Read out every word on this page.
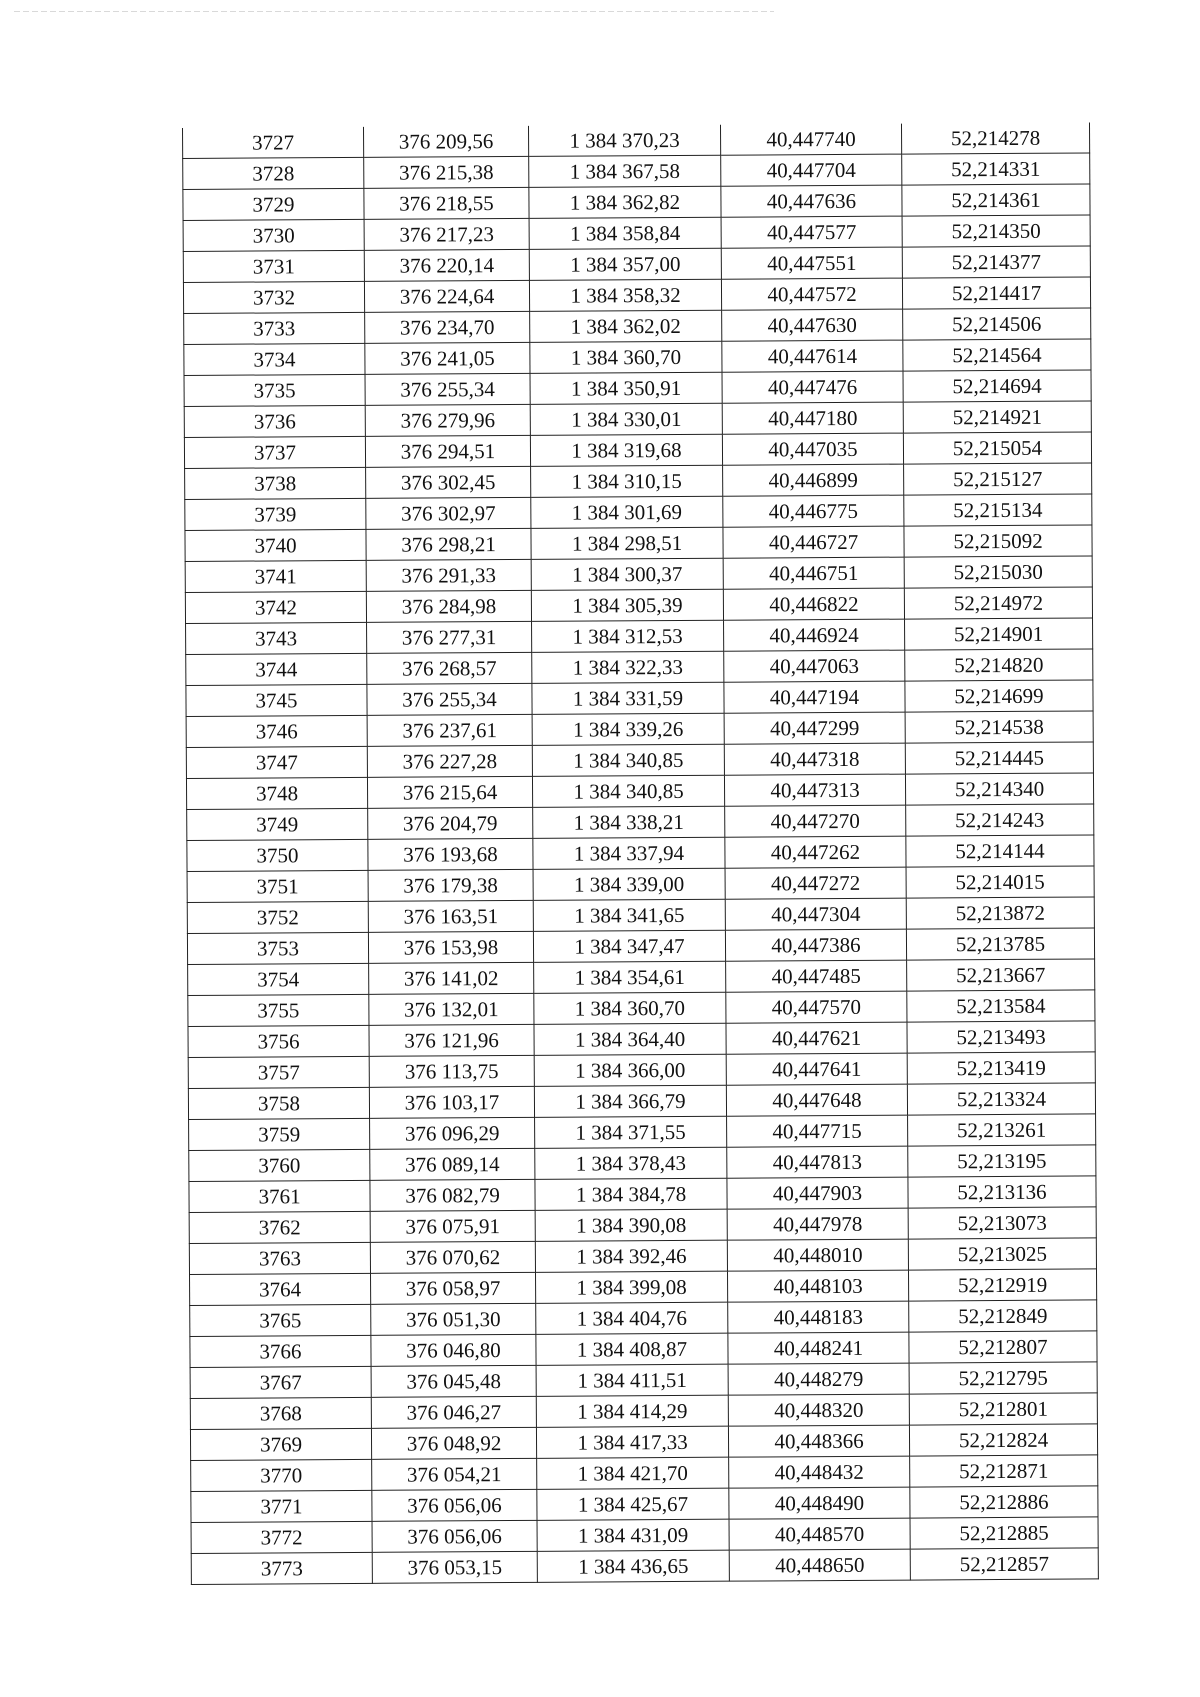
3727	376 209,56	1 384 370,23	40,447740	52,214278
3728	376 215,38	1 384 367,58	40,447704	52,214331
3729	376 218,55	1 384 362,82	40,447636	52,214361
3730	376 217,23	1 384 358,84	40,447577	52,214350
3731	376 220,14	1 384 357,00	40,447551	52,214377
3732	376 224,64	1 384 358,32	40,447572	52,214417
3733	376 234,70	1 384 362,02	40,447630	52,214506
3734	376 241,05	1 384 360,70	40,447614	52,214564
3735	376 255,34	1 384 350,91	40,447476	52,214694
3736	376 279,96	1 384 330,01	40,447180	52,214921
3737	376 294,51	1 384 319,68	40,447035	52,215054
3738	376 302,45	1 384 310,15	40,446899	52,215127
3739	376 302,97	1 384 301,69	40,446775	52,215134
3740	376 298,21	1 384 298,51	40,446727	52,215092
3741	376 291,33	1 384 300,37	40,446751	52,215030
3742	376 284,98	1 384 305,39	40,446822	52,214972
3743	376 277,31	1 384 312,53	40,446924	52,214901
3744	376 268,57	1 384 322,33	40,447063	52,214820
3745	376 255,34	1 384 331,59	40,447194	52,214699
3746	376 237,61	1 384 339,26	40,447299	52,214538
3747	376 227,28	1 384 340,85	40,447318	52,214445
3748	376 215,64	1 384 340,85	40,447313	52,214340
3749	376 204,79	1 384 338,21	40,447270	52,214243
3750	376 193,68	1 384 337,94	40,447262	52,214144
3751	376 179,38	1 384 339,00	40,447272	52,214015
3752	376 163,51	1 384 341,65	40,447304	52,213872
3753	376 153,98	1 384 347,47	40,447386	52,213785
3754	376 141,02	1 384 354,61	40,447485	52,213667
3755	376 132,01	1 384 360,70	40,447570	52,213584
3756	376 121,96	1 384 364,40	40,447621	52,213493
3757	376 113,75	1 384 366,00	40,447641	52,213419
3758	376 103,17	1 384 366,79	40,447648	52,213324
3759	376 096,29	1 384 371,55	40,447715	52,213261
3760	376 089,14	1 384 378,43	40,447813	52,213195
3761	376 082,79	1 384 384,78	40,447903	52,213136
3762	376 075,91	1 384 390,08	40,447978	52,213073
3763	376 070,62	1 384 392,46	40,448010	52,213025
3764	376 058,97	1 384 399,08	40,448103	52,212919
3765	376 051,30	1 384 404,76	40,448183	52,212849
3766	376 046,80	1 384 408,87	40,448241	52,212807
3767	376 045,48	1 384 411,51	40,448279	52,212795
3768	376 046,27	1 384 414,29	40,448320	52,212801
3769	376 048,92	1 384 417,33	40,448366	52,212824
3770	376 054,21	1 384 421,70	40,448432	52,212871
3771	376 056,06	1 384 425,67	40,448490	52,212886
3772	376 056,06	1 384 431,09	40,448570	52,212885
3773	376 053,15	1 384 436,65	40,448650	52,212857
